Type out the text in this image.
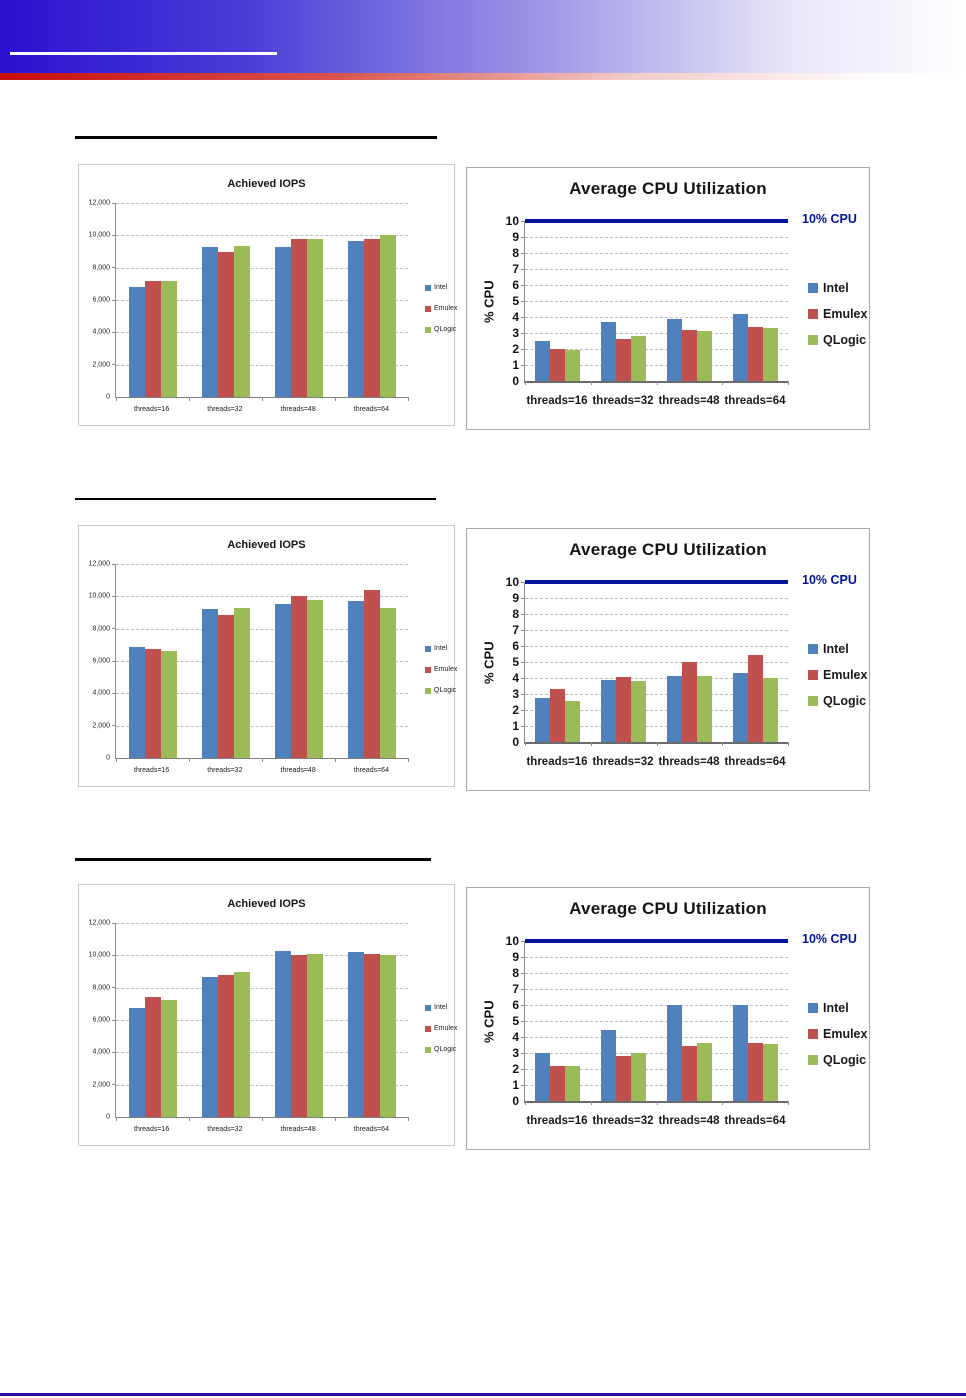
Achieved IOPS
0
2,000
4,000
6,000
8,000
10,000
12,000
threads=16	threads=32	threads=48	threads=64
Intel
Emulex
QLogic
Average CPU Utilization
% CPU
0
1
2
3
4
5
6
7
8
9
10	10% CPU
threads=16 threads=32 threads=48 threads=64
Intel
Emulex
QLogic
Achieved IOPS
0
2,000
4,000
6,000
8,000
10,000
12,000
threads=16	threads=32	threads=48	threads=64
Intel
Emulex
QLogic
Average CPU Utilization
% CPU
0
1
2
3
4
5
6
7
8
9
10	10% CPU
threads=16 threads=32 threads=48 threads=64
Intel
Emulex
QLogic
Achieved IOPS
0
2,000
4,000
6,000
8,000
10,000
12,000
threads=16	threads=32	threads=48	threads=64
Intel
Emulex
QLogic
Average CPU Utilization
% CPU
0
1
2
3
4
5
6
7
8
9
10	10% CPU
threads=16 threads=32 threads=48 threads=64
Intel
Emulex
QLogic
